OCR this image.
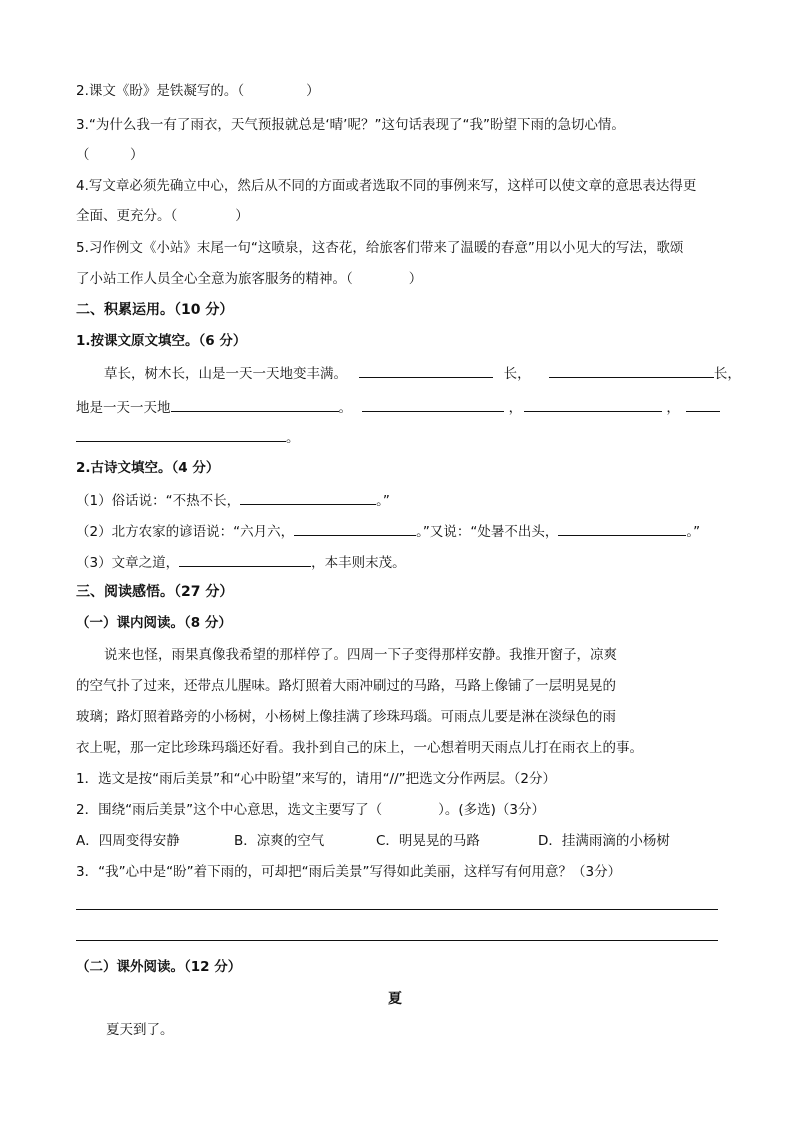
2.课文《盼》是铁凝写的。（	）
3.“为什么我一有了雨衣，天气预报就总是‘晴’呢？”这句话表现了“我”盼望下雨的急切心情。
（　　　）
4.写文章必须先确立中心，然后从不同的方面或者选取不同的事例来写，这样可以使文章的意思表达得更
全面、更充分。（	）
5.习作例文《小站》末尾一句“这喷泉，这杏花，给旅客们带来了温暖的春意”用以小见大的写法，歌颂
了小站工作人员全心全意为旅客服务的精神。（	）
二、积累运用。（10 分）
1.按课文原文填空。（6 分）
草长，树木长，山是一天一天地变丰满。	长，	长，
地是一天一天地	。	，	，
。
2.古诗文填空。（4 分）
（1）俗话说：“不热不长，	。”
（2）北方农家的谚语说：“六月六，	。”又说：“处暑不出头，	。”
（3）文章之道，	，本丰则末茂。
三、阅读感悟。（27 分）
（一）课内阅读。（8 分）
说来也怪，雨果真像我希望的那样停了。四周一下子变得那样安静。我推开窗子，凉爽
的空气扑了过来，还带点儿腥味。路灯照着大雨冲刷过的马路，马路上像铺了一层明晃晃的
玻璃；路灯照着路旁的小杨树，小杨树上像挂满了珍珠玛瑙。可雨点儿要是淋在淡绿色的雨
衣上呢，那一定比珍珠玛瑙还好看。我扑到自己的床上，一心想着明天雨点儿打在雨衣上的事。
1．选文是按“雨后美景”和“心中盼望”来写的，请用“//”把选文分作两层。（2分）
2．围绕“雨后美景”这个中心意思，选文主要写了（	）。(多选)（3分）
A．四周变得安静	B．凉爽的空气	C．明晃晃的马路	D．挂满雨滴的小杨树
3．“我”心中是“盼”着下雨的，可却把“雨后美景”写得如此美丽，这样写有何用意？（3分）
（二）课外阅读。（12 分）
夏
夏天到了。
